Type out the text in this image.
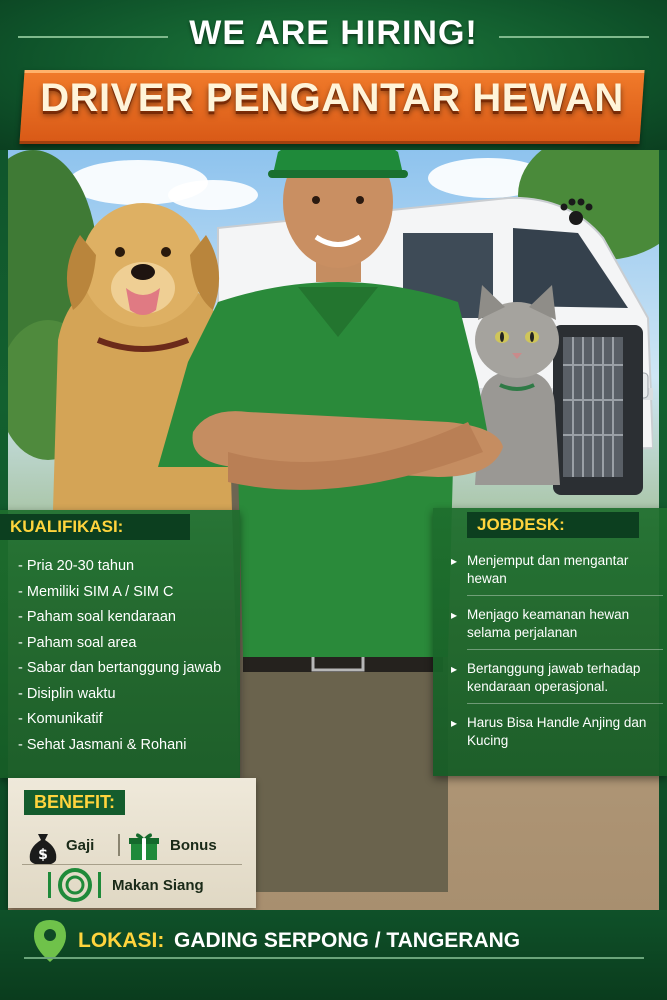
WE ARE HIRING!
DRIVER PENGANTAR HEWAN
KUALIFIKASI:
- Pria 20-30 tahun
- Memiliki SIM A / SIM C
- Paham soal kendaraan
- Paham soal area
- Sabar dan bertanggung jawab
- Disiplin waktu
- Komunikatif
- Sehat Jasmani & Rohani
JOBDESK:
▸ Menjemput dan mengantar hewan
▸ Menjago keamanan hewan selama perjalanan
▸ Bertanggung jawab terhadap kendaraan operasjonal.
▸ Harus Bisa Handle Anjing dan Kucing
BENEFIT:
$
Gaji	Bonus
Makan Siang
LOKASI: GADING SERPONG / TANGERANG
